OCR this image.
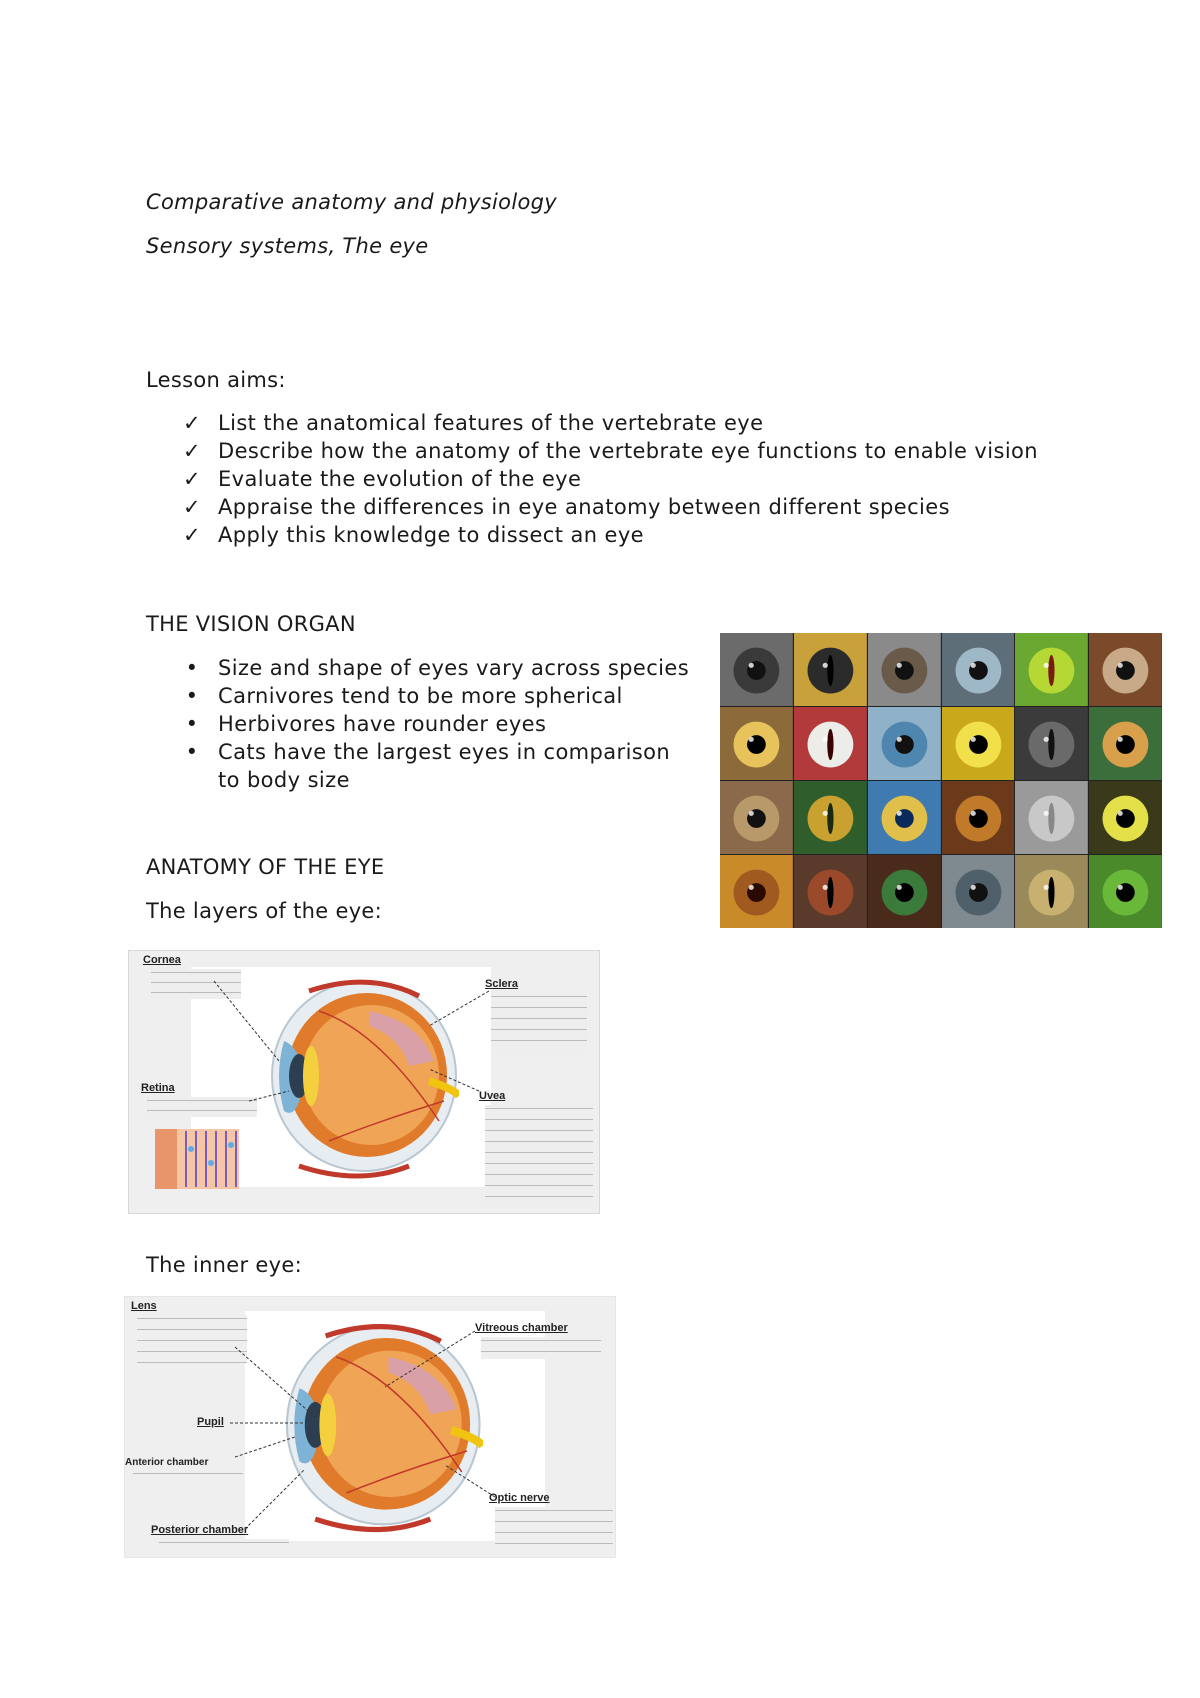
Comparative anatomy and physiology
Sensory systems, The eye
Lesson aims:
✓ List the anatomical features of the vertebrate eye
✓ Describe how the anatomy of the vertebrate eye functions to enable vision
✓ Evaluate the evolution of the eye
✓ Appraise the differences in eye anatomy between different species
✓ Apply this knowledge to dissect an eye
THE VISION ORGAN
• Size and shape of eyes vary across species
• Carnivores tend to be more spherical
• Herbivores have rounder eyes
• Cats have the largest eyes in comparison to body size
ANATOMY OF THE EYE
The layers of the eye:
Cornea
Sclera
Retina
Uvea
The inner eye:
Lens
Vitreous chamber
Pupil
Anterior chamber
Optic nerve
Posterior chamber
